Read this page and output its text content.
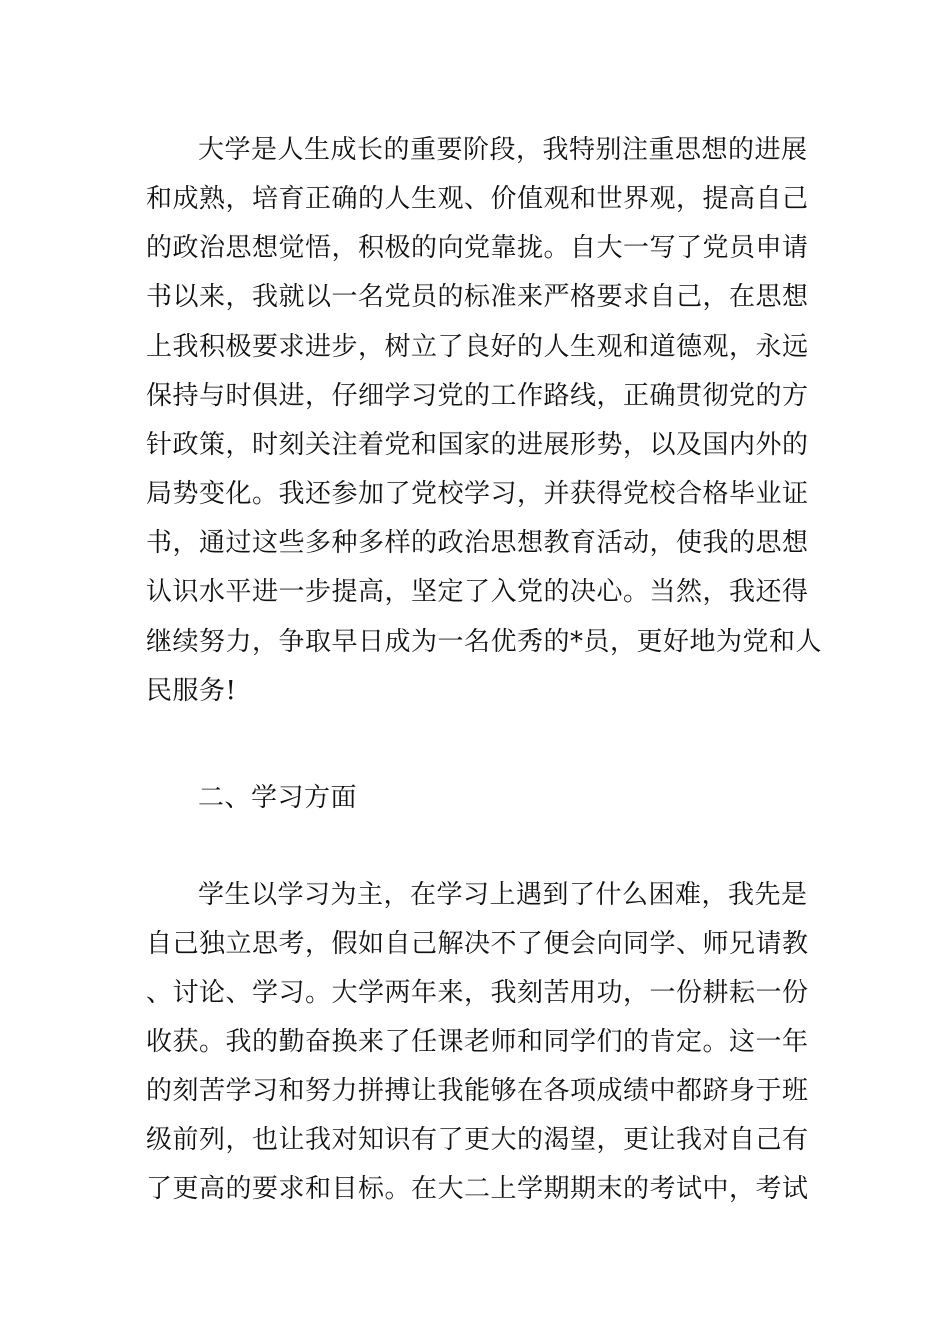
大学是人生成长的重要阶段，我特别注重思想的进展
和成熟，培育正确的人生观、价值观和世界观，提高自己
的政治思想觉悟，积极的向党靠拢。自大一写了党员申请
书以来，我就以一名党员的标准来严格要求自己，在思想
上我积极要求进步，树立了良好的人生观和道德观，永远
保持与时俱进，仔细学习党的工作路线，正确贯彻党的方
针政策，时刻关注着党和国家的进展形势，以及国内外的
局势变化。我还参加了党校学习，并获得党校合格毕业证
书，通过这些多种多样的政治思想教育活动，使我的思想
认识水平进一步提高，坚定了入党的决心。当然，我还得
继续努力，争取早日成为一名优秀的*员，更好地为党和人
民服务!
二、学习方面
学生以学习为主，在学习上遇到了什么困难，我先是
自己独立思考，假如自己解决不了便会向同学、师兄请教
、讨论、学习。大学两年来，我刻苦用功，一份耕耘一份
收获。我的勤奋换来了任课老师和同学们的肯定。这一年
的刻苦学习和努力拼搏让我能够在各项成绩中都跻身于班
级前列，也让我对知识有了更大的渴望，更让我对自己有
了更高的要求和目标。在大二上学期期末的考试中，考试
